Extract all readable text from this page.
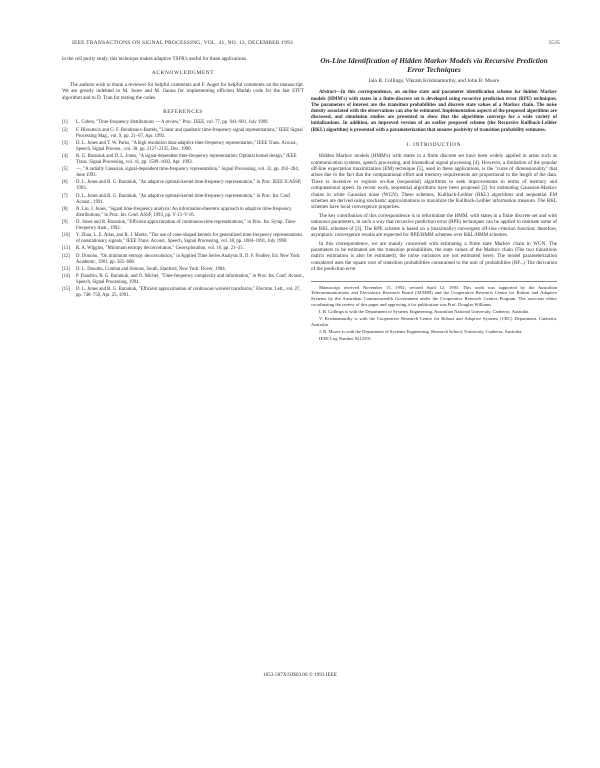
IEEE TRANSACTIONS ON SIGNAL PROCESSING, VOL. 41, NO. 12, DECEMBER 1993	3535

in the cell purity study, this technique makes adaptive TSFR's useful for these applications.

ACKNOWLEDGMENT

The authors wish to thank a reviewer for helpful comments and F. Auger for helpful comments on the manuscript. We are greatly indebted to M. Jones and M. Jiaona for implementing efficient Matlab code for the fast STFT algorithm and to D. Tran for testing the codes.

REFERENCES
[1] L. Cohen, "Time-frequency distributions — A review," Proc. IEEE, vol. 77, pp. 941–981, July 1989.
[2] F. Hlawatsch and G. F. Boudreaux-Bartels, "Linear and quadratic time-frequency signal representations," IEEE Signal Processing Mag., vol. 9, pp. 21–67, Apr. 1992.
[3] D. L. Jones and T. W. Parks, "A high resolution data-adaptive time-frequency representation," IEEE Trans. Acoust., Speech, Signal Process., vol. 38, pp. 2127–2135, Dec. 1990.
[4] R. G. Baraniuk and D. L. Jones, "A signal-dependent time-frequency representation: Optimal kernel design," IEEE Trans. Signal Processing, vol. 41, pp. 1589–1602, Apr. 1993.
[5] —, "A radially Gaussian, signal-dependent time-frequency representation," Signal Processing, vol. 32, pp. 263–284, June 1993.
[6] D. L. Jones and R. G. Baraniuk, "An adaptive optimal-kernel time-frequency representation," in Proc. IEEE ICASSP, 1993.
[7] D. L. Jones and R. G. Baraniuk, "An adaptive optimal-kernel time-frequency representation," in Proc. Int. Conf. Acoust., 1991.
[8] N. Liu, J. Jones, "Signal time-frequency analysis: An information-theoretic approach to adaptive time-frequency distributions," in Proc. Int. Conf. ASSP, 1993, pp. V-13–V-16.
[9] D. Jones and R. Baraniuk, "Efficient approximation of continuous-time representations," in Proc. Int. Symp. Time-Frequency Anal., 1992.
[10] Y. Zhao, L. E. Atlas, and R. J. Marks, "The use of cone-shaped kernels for generalized time-frequency representations of nonstationary signals," IEEE Trans. Acoust., Speech, Signal Processing, vol. 38, pp. 1084–1091, July 1990.
[11] R. A. Wiggins, "Minimum entropy deconvolution," Geoexploration, vol. 16, pp. 21–35.
[12] D. Donoho, "On minimum entropy deconvolution," in Applied Time Series Analysis II, D. F. Findley, Ed. New York: Academic, 1981, pp. 565–608.
[13] D. L. Donoho, Combat and Simons, South, Stanford, New York: Dover, 1984.
[14] P. Flandrin, R. G. Baraniuk, and O. Michel, "Time-frequency complexity and information," in Proc. Int. Conf. Acoust., Speech, Signal Processing, 1994.
[15] D. L. Jones and R. G. Baraniuk, "Efficient approximation of continuous wavelet transforms," Electron. Lett., vol. 27, pp. 748–750, Apr. 25, 1991.
On-Line Identification of Hidden Markov Models via Recursive Prediction Error Techniques
Iain B. Collings, Vikram Krishnamurthy, and John B. Moore

Abstract—In this correspondence, an on-line state and parameter identification scheme for hidden Markov models (HMM's) with states in a finite-discrete set is developed using recursive prediction error (RPE) techniques. The parameters of interest are the transition probabilities and discrete state values of a Markov chain. The noise density associated with the observations can also be estimated. Implementation aspects of the proposed algorithms are discussed, and simulation studies are presented to show that the algorithms converge for a wide variety of initializations. In addition, an improved version of an earlier proposed scheme (the Recursive Kullback-Leibler (RKL) algorithm) is presented with a parameterization that ensures positivity of transition probability estimates.

I. INTRODUCTION

Hidden Markov models (HMM's) with states in a finite discrete set have been widely applied in areas such as communication systems, speech processing, and biomedical signal processing [4]. However, a limitation of the popular off-line expectation maximization (EM) technique [5], used in these applications, is the "curse of dimensionality" that arises due to the fact that the computational effort and memory requirements are proportional to the length of the data. There is incentive to explore on-line (sequential) algorithms to seek improvements in terms of memory and computational speed. In recent work, sequential algorithms have been proposed [2] for estimating Gaussian-Markov chains in white Gaussian noise (WGN). These schemes, Kullback-Leibler (RKL) algorithms and sequential EM schemes are derived using stochastic approximations to maximize the Kullback-Leibler information measure. The RKL schemes have local convergence properties.

The key contribution of this correspondence is to reformulate the HMM, with states in a finite discrete set and with unknown parameters, in such a way that recursive prediction error (RPE) techniques can be applied to estimate some of the RKL schemes of [3]. The RPE scheme is based on a (maximally) convergent off-line criterion function; therefore, asymptotic convergence results are expected for RPE/HMM schemes over RKL/HMM schemes.

In this correspondence, we are mainly concerned with estimating a finite state Markov chain in WGN. The parameters to be estimated are the transition probabilities, the state values of the Markov chain (The two transitions matrix estimation is also be estimated), the noise variances are not estimated here). The model parameterization considered uses the square root of transition probabilities constrained to the unit of probabilities (RF...) The derivation of the prediction error

Manuscript received November 15, 1992; revised April 12, 1993. This work was supported by the Australian Telecommunications and Electronics Research Board (ATERB) and the Cooperative Research Centre for Robust and Adaptive Systems by the Australian Commonwealth Government under the Cooperative Research Centres Program. The associate editor coordinating the review of this paper and approving it for publication was Prof. Douglas Williams.

I. B. Collings is with the Department of Systems Engineering, Australian National University, Canberra, Australia.

V. Krishnamurthy is with the Cooperative Research Centre for Robust and Adaptive Systems (CRC) Department, Canberra, Australia.

J. B. Moore is with the Department of Systems Engineering, Research School, University, Canberra, Australia.

IEEE Log Number 9212591.

1053-587X/93$03.00 © 1993 IEEE
